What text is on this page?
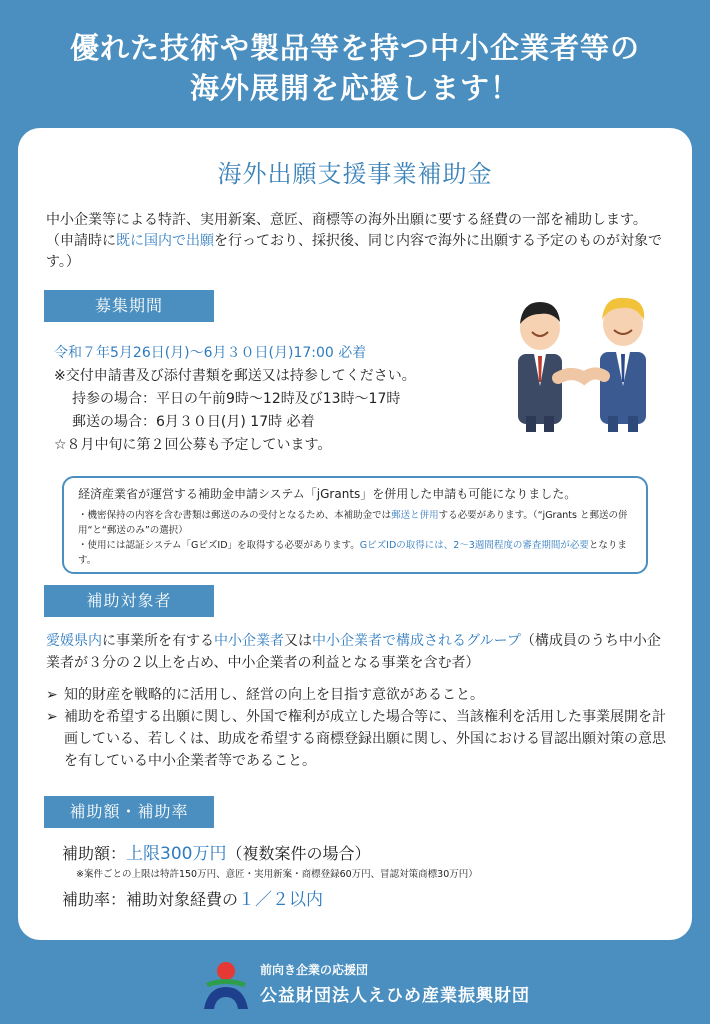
優れた技術や製品等を持つ中小企業者等の
海外展開を応援します！
海外出願支援事業補助金
中小企業等による特許、実用新案、意匠、商標等の海外出願に要する経費の一部を補助します。（申請時に既に国内で出願を行っており、採択後、同じ内容で海外に出願する予定のものが対象です。）
募集期間
令和７年5月26日(月)～6月３０日(月)17:00 必着
※交付申請書及び添付書類を郵送又は持参してください。
持参の場合：平日の午前9時～12時及び13時～17時
郵送の場合：6月３０日(月) 17時 必着
☆８月中旬に第２回公募も予定しています。
経済産業省が運営する補助金申請システム「jGrants」を併用した申請も可能になりました。
・機密保持の内容を含む書類は郵送のみの受付となるため、本補助金では郵送と併用する必要があります。（“jGrants と郵送の併用“と“郵送のみ”の選択）
・使用には認証システム「GビズID」を取得する必要があります。GビズIDの取得には、2～3週間程度の審査期間が必要となります。
補助対象者
愛媛県内に事業所を有する中小企業者又は中小企業者で構成されるグループ（構成員のうち中小企業者が３分の２以上を占め、中小企業者の利益となる事業を含む者）
➢ 知的財産を戦略的に活用し、経営の向上を目指す意欲があること。
➢ 補助を希望する出願に関し、外国で権利が成立した場合等に、当該権利を活用した事業展開を計画している、若しくは、助成を希望する商標登録出願に関し、外国における冒認出願対策の意思を有している中小企業者等であること。
補助額・補助率
補助額：上限300万円（複数案件の場合）
※案件ごとの上限は特許150万円、意匠・実用新案・商標登録60万円、冒認対策商標30万円）
補助率：補助対象経費の１／２以内
前向き企業の応援団
公益財団法人えひめ産業振興財団
